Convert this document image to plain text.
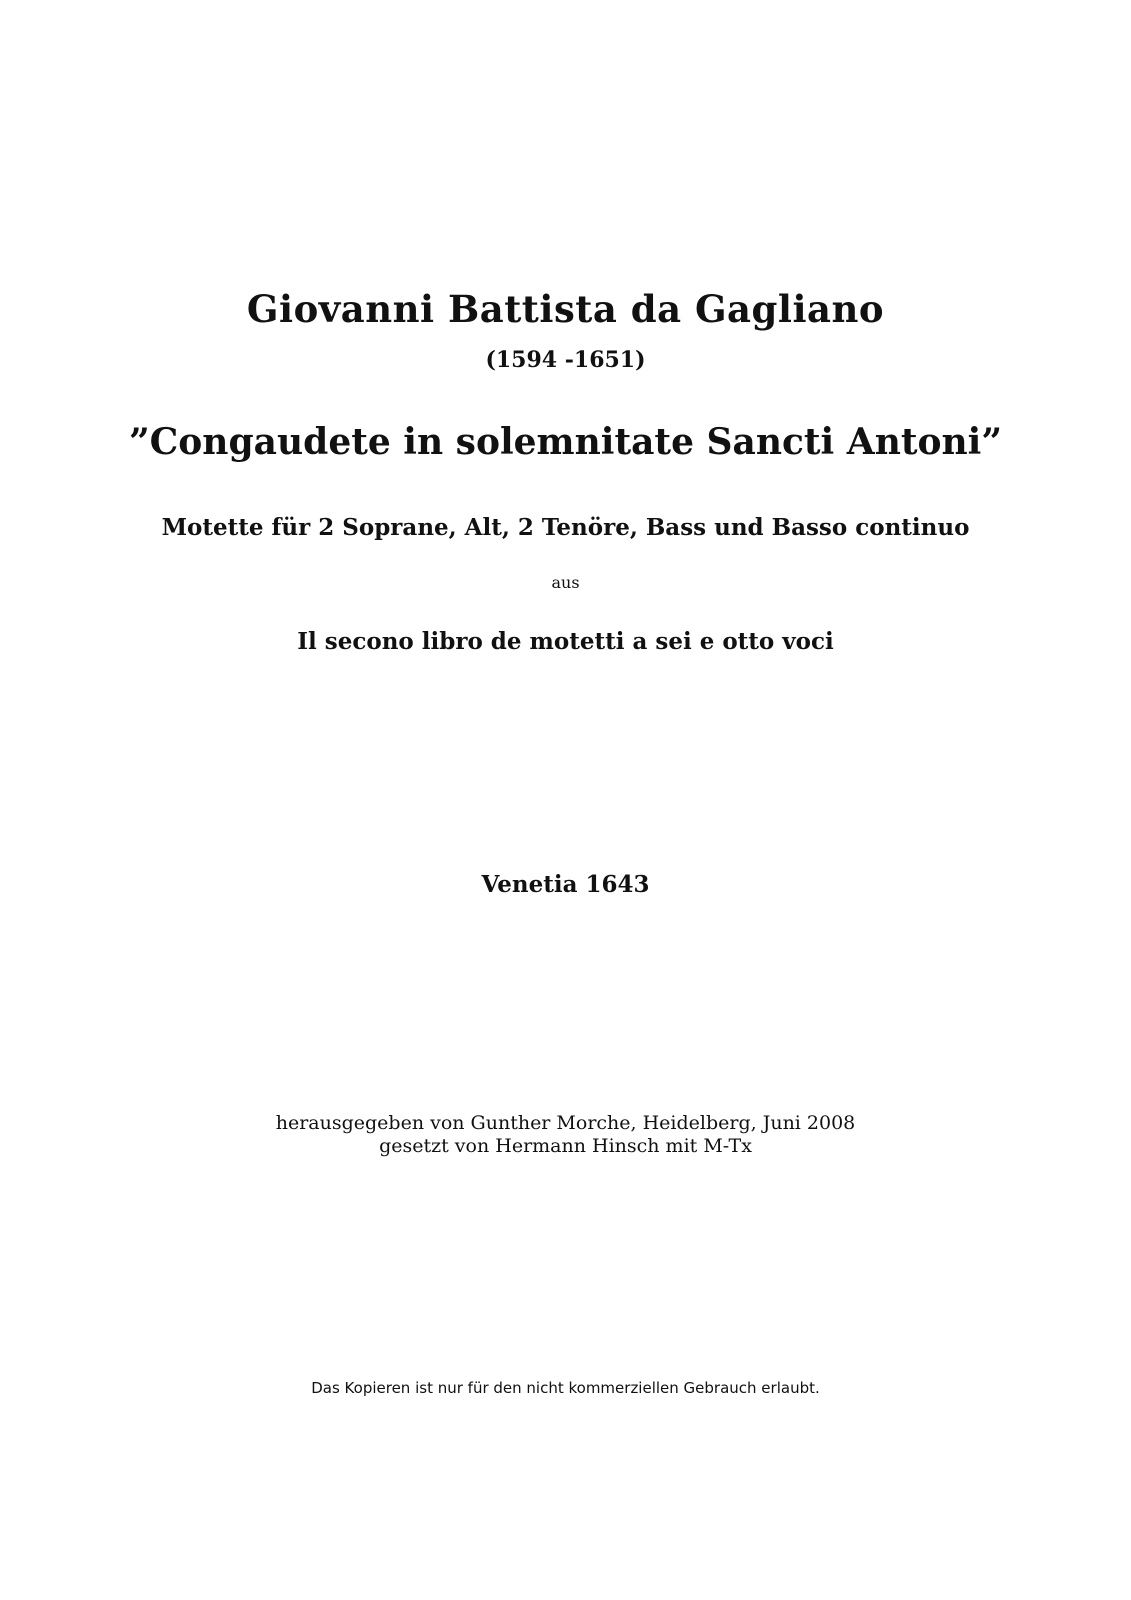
Giovanni Battista da Gagliano
(1594 -1651)
”Congaudete in solemnitate Sancti Antoni”
Motette für 2 Soprane, Alt, 2 Tenöre, Bass und Basso continuo
aus
Il secono libro de motetti a sei e otto voci
Venetia 1643
herausgegeben von Gunther Morche, Heidelberg, Juni 2008
gesetzt von Hermann Hinsch mit M-Tx
Das Kopieren ist nur für den nicht kommerziellen Gebrauch erlaubt.
